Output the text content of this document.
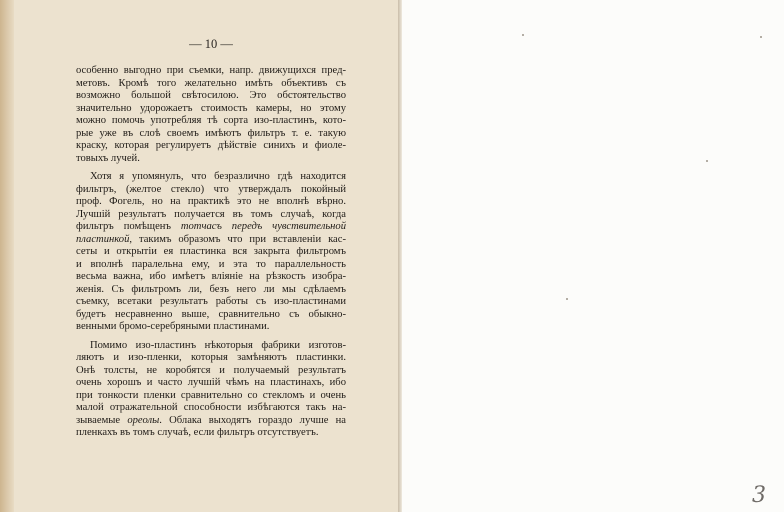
— 10 —

особенно выгодно при съемки, напр. движущихся пред-
метовъ. Кромѣ того желательно имѣть объективъ съ
возможно большой свѣтосилою. Это обстоятельство
значительно удорожаетъ стоимость камеры, но этому
можно помочь употребляя тѣ сорта изо-пластинъ, кото-
рые уже въ слоѣ своемъ имѣютъ фильтръ т. е. такую
краску, которая регулируетъ дѣйствіе синихъ и фиоле-
товыхъ лучей.

Хотя я упомянулъ, что безразлично гдѣ находится
фильтръ, (желтое стекло) что утверждалъ покойный
проф. Фогель, но на практикѣ это не вполнѣ вѣрно.
Лучшій результатъ получается въ томъ случаѣ, когда
фильтръ помѣщенъ тотчасъ передъ чувствительной
пластинкой, такимъ образомъ что при вставленіи кас-
сеты и открытіи ея пластинка вся закрыта фильтромъ
и вполнѣ паралельна ему, и эта то параллельность
весьма важна, ибо имѣетъ вліяніе на рѣзкость изобра-
женія. Съ фильтромъ ли, безъ него ли мы сдѣлаемъ
съемку, всетаки результатъ работы съ изо-пластинами
будетъ несравненно выше, сравнительно съ обыкно-
венными бромо-серебряными пластинами.

Помимо изо-пластинъ нѣкоторыя фабрики изготов-
ляютъ и изо-пленки, которыя замѣняютъ пластинки.
Онѣ толсты, не коробятся и получаемый результатъ
очень хорошъ и часто лучшій чѣмъ на пластинахъ, ибо
при тонкости пленки сравнительно со стекломъ и очень
малой отражательной способности избѣгаются такъ на-
зываемые ореолы. Облака выходятъ гораздо лучше на
пленкахъ въ томъ случаѣ, если фильтръ отсутствуетъ.

3
